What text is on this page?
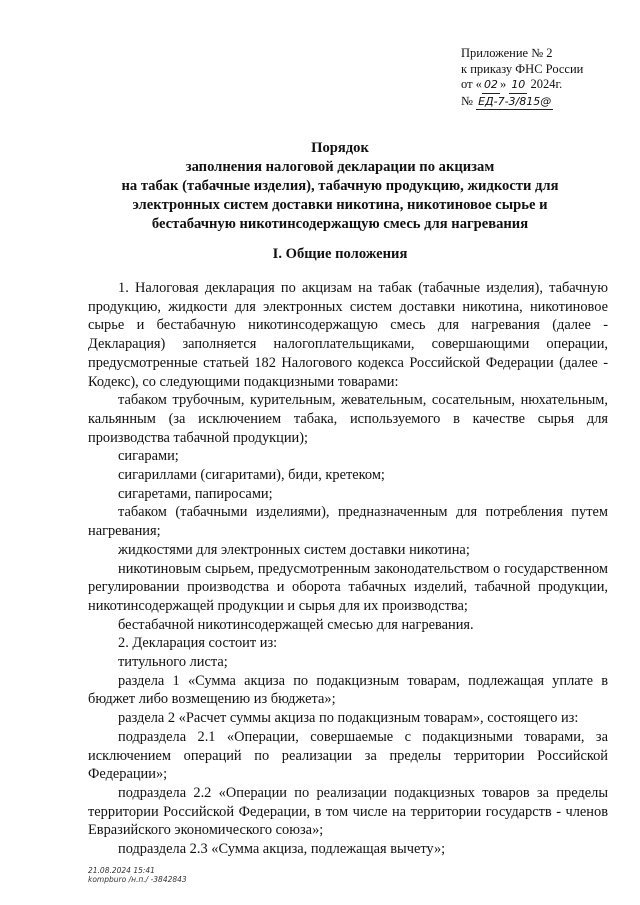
Приложение № 2
к приказу ФНС России
от « 02 » 10 2024г.
№ ЕД-7-3/815@
Порядок
заполнения налоговой декларации по акцизам
на табак (табачные изделия), табачную продукцию, жидкости для
электронных систем доставки никотина, никотиновое сырье и
бестабачную никотинсодержащую смесь для нагревания
I. Общие положения

1. Налоговая декларация по акцизам на табак (табачные изделия), табачную продукцию, жидкости для электронных систем доставки никотина, никотиновое сырье и бестабачную никотинсодержащую смесь для нагревания (далее - Декларация) заполняется налогоплательщиками, совершающими операции, предусмотренные статьей 182 Налогового кодекса Российской Федерации (далее - Кодекс), со следующими подакцизными товарами:

табаком трубочным, курительным, жевательным, сосательным, нюхательным, кальянным (за исключением табака, используемого в качестве сырья для производства табачной продукции);

сигарами;

сигариллами (сигаритами), биди, кретеком;

сигаретами, папиросами;

табаком (табачными изделиями), предназначенным для потребления путем нагревания;

жидкостями для электронных систем доставки никотина;

никотиновым сырьем, предусмотренным законодательством о государственном регулировании производства и оборота табачных изделий, табачной продукции, никотинсодержащей продукции и сырья для их производства;

бестабачной никотинсодержащей смесью для нагревания.

2. Декларация состоит из:

титульного листа;

раздела 1 «Сумма акциза по подакцизным товарам, подлежащая уплате в бюджет либо возмещению из бюджета»;

раздела 2 «Расчет суммы акциза по подакцизным товарам», состоящего из:

подраздела 2.1 «Операции, совершаемые с подакцизными товарами, за исключением операций по реализации за пределы территории Российской Федерации»;

подраздела 2.2 «Операции по реализации подакцизных товаров за пределы территории Российской Федерации, в том числе на территории государств - членов Евразийского экономического союза»;

подраздела 2.3 «Сумма акциза, подлежащая вычету»;

21.08.2024 15:41
kompburo /н.п./ -3842843
